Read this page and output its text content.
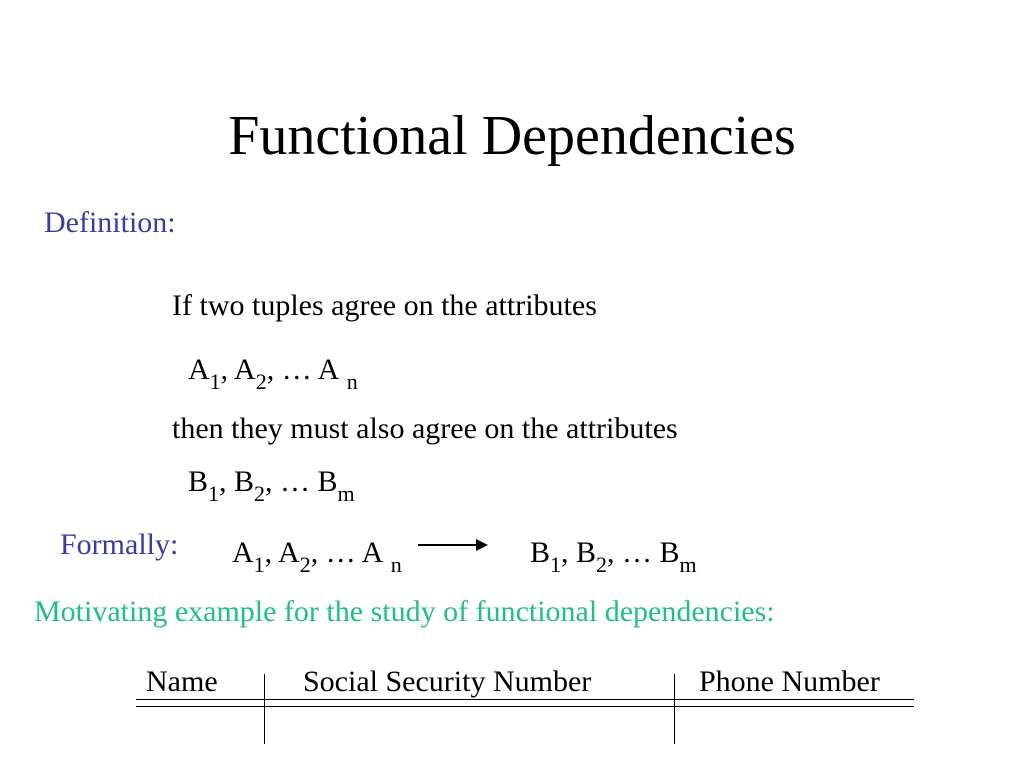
Functional Dependencies
Definition:
If two tuples agree on the attributes
$A_1$, $A_2$, … A $_n$
then they must also agree on the attributes
$B_1$, $B_2$, … $B_m$
Formally: $A_1$, $A_2$, … A $_n$	$B_1$, $B_2$, … $B_m$
Motivating example for the study of functional dependencies:
Name	Social Security Number	Phone Number
